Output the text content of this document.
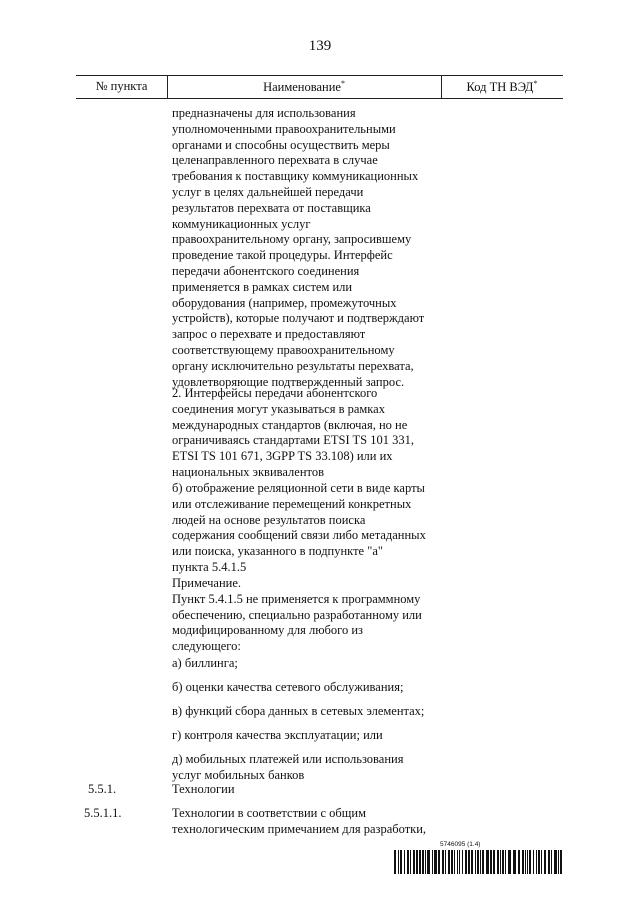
139
№ пункта	Наименование*	Код ТН ВЭД*
предназначены для использования
уполномоченными правоохранительными
органами и способны осуществить меры
целенаправленного перехвата в случае
требования к поставщику коммуникационных
услуг в целях дальнейшей передачи
результатов перехвата от поставщика
коммуникационных услуг
правоохранительному органу, запросившему
проведение такой процедуры. Интерфейс
передачи абонентского соединения
применяется в рамках систем или
оборудования (например, промежуточных
устройств), которые получают и подтверждают
запрос о перехвате и предоставляют
соответствующему правоохранительному
органу исключительно результаты перехвата,
удовлетворяющие подтвержденный запрос.
2. Интерфейсы передачи абонентского
соединения могут указываться в рамках
международных стандартов (включая, но не
ограничиваясь стандартами ETSI TS 101 331,
ETSI TS 101 671, 3GPP TS 33.108) или их
национальных эквивалентов
б) отображение реляционной сети в виде карты
или отслеживание перемещений конкретных
людей на основе результатов поиска
содержания сообщений связи либо метаданных
или поиска, указанного в подпункте "а"
пункта 5.4.1.5
Примечание.
Пункт 5.4.1.5 не применяется к программному
обеспечению, специально разработанному или
модифицированному для любого из
следующего:
а) биллинга;
б) оценки качества сетевого обслуживания;
в) функций сбора данных в сетевых элементах;
г) контроля качества эксплуатации; или
д) мобильных платежей или использования
услуг мобильных банков
5.5.1.	Технологии
5.5.1.1.	Технологии в соответствии с общим
технологическим примечанием для разработки,
5746095 (1.4)
